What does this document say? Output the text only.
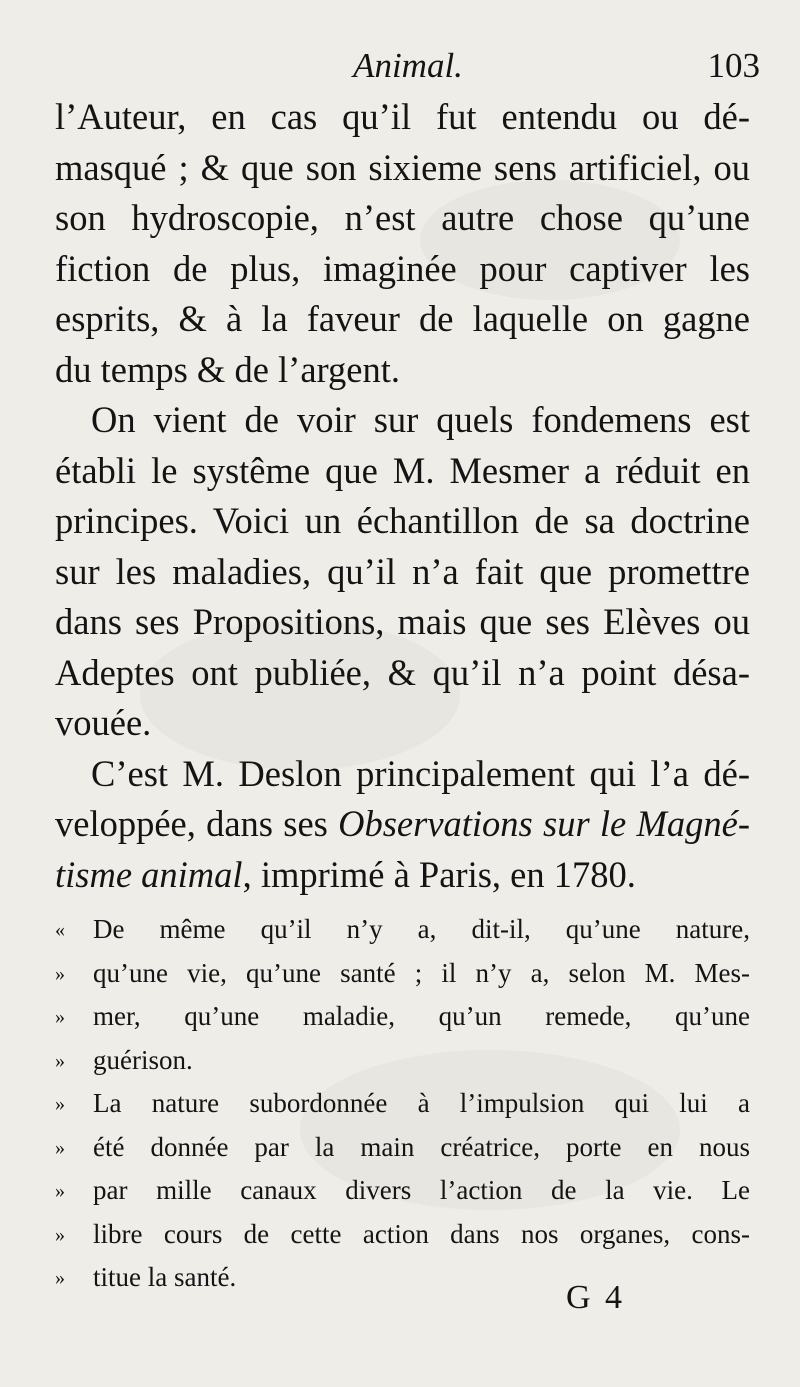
Animal.	103

l’Auteur, en cas qu’il fut entendu ou dé-
masqué ; & que son sixieme sens artificiel, ou
son hydroscopie, n’est autre chose qu’une
fiction de plus, imaginée pour captiver les
esprits, & à la faveur de laquelle on gagne
du temps & de l’argent.

On vient de voir sur quels fondemens est
établi le systême que M. Mesmer a réduit en
principes. Voici un échantillon de sa doctrine
sur les maladies, qu’il n’a fait que promettre
dans ses Propositions, mais que ses Elèves ou
Adeptes ont publiée, & qu’il n’a point désa-
vouée.

C’est M. Deslon principalement qui l’a dé-
veloppée, dans ses Observations sur le Magné-
tisme animal, imprimé à Paris, en 1780.

« De même qu’il n’y a, dit-il, qu’une nature,
» qu’une vie, qu’une santé ; il n’y a, selon M. Mes-
» mer, qu’une maladie, qu’un remede, qu’une
» guérison.

» La nature subordonnée à l’impulsion qui lui a
» été donnée par la main créatrice, porte en nous
» par mille canaux divers l’action de la vie. Le
» libre cours de cette action dans nos organes, cons-
» titue la santé.

G 4
